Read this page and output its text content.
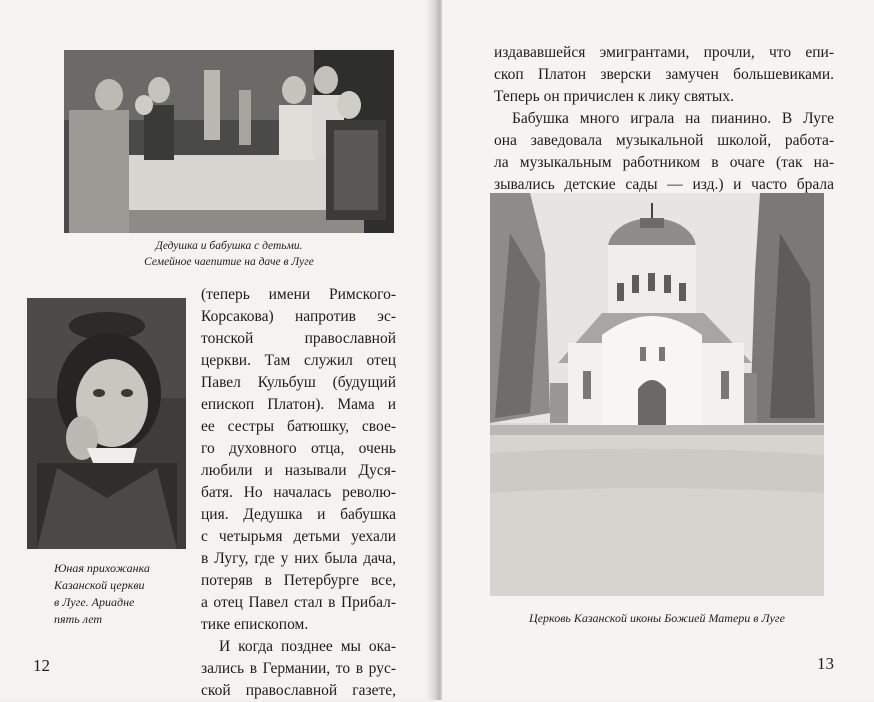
Дедушка и бабушка с детьми.
Семейное чаепитие на даче в Луге
Юная прихожанка
Казанской церкви
в Луге. Ариадне
пять лет
(теперь имени Римского-
Корсакова) напротив эс-
тонской православной
церкви. Там служил отец
Павел Кульбуш (будущий
епископ Платон). Мама и
ее сестры батюшку, свое-
го духовного отца, очень
любили и называли Дуся-
батя. Но началась револю-
ция. Дедушка и бабушка
с четырьмя детьми уехали
в Лугу, где у них была дача,
потеряв в Петербурге все,
а отец Павел стал в Прибал-
тике епископом.
И когда позднее мы ока-
зались в Германии, то в рус-
ской православной газете,
12
издававшейся эмигрантами, прочли, что епи-
скоп Платон зверски замучен большевиками.
Теперь он причислен к лику святых.
Бабушка много играла на пианино. В Луге
она заведовала музыкальной школой, работа-
ла музыкальным работником в очаге (так на-
зывались детские сады — изд.) и часто брала
Церковь Казанской иконы Божией Матери в Луге
13
